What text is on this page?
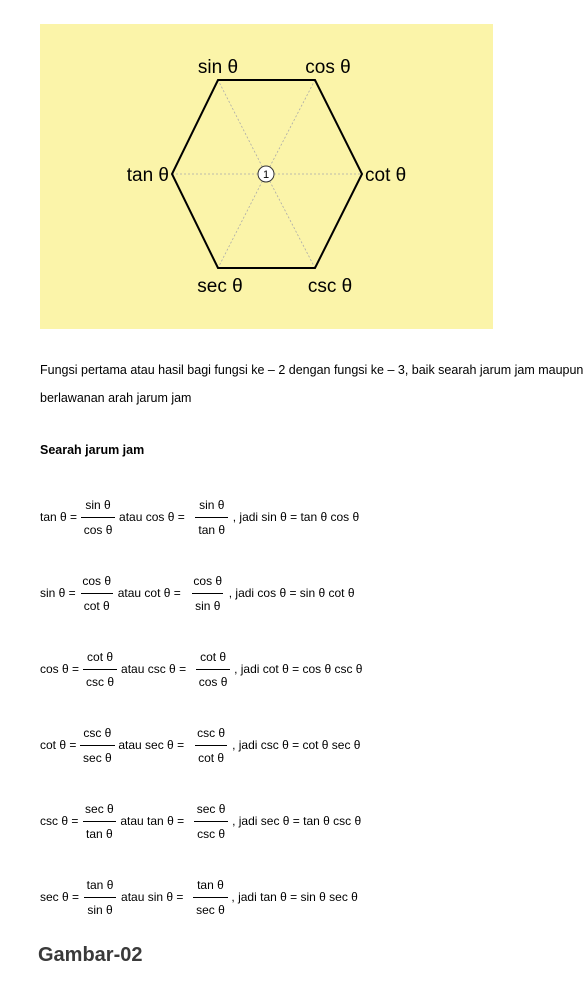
1
sin θ	cos θ
cot θ
csc θ
sec θ
tan θ

Fungsi pertama atau hasil bagi fungsi ke – 2 dengan fungsi ke – 3, baik searah jarum jam maupun berlawanan arah jarum jam

Searah jarum jam

$\tan \theta = \frac{\text{sin θ}}{\text{cos θ}}$ atau $\cos \theta = \frac{\text{sin θ}}{\text{tan θ}}$ , jadi sin θ = tan θ cos θ
$\sin \theta = \frac{\text{cos θ}}{\text{cot θ}}$ atau $\cot \theta = \frac{\text{cos θ}}{\text{sin θ}}$ , jadi cos θ = sin θ cot θ
$\cos \theta = \frac{\text{cot θ}}{\text{csc θ}}$ atau $\csc \theta = \frac{\text{cot θ}}{\text{cos θ}}$ , jadi cot θ = cos θ csc θ
$\cot \theta = \frac{\text{csc θ}}{\text{sec θ}}$ atau $\sec \theta = \frac{\text{csc θ}}{\text{cot θ}}$ , jadi csc θ = cot θ sec θ
$\csc \theta = \frac{\text{sec θ}}{\text{tan θ}}$ atau $\tan \theta = \frac{\text{sec θ}}{\text{csc θ}}$ , jadi sec θ = tan θ csc θ
$\sec \theta = \frac{\text{tan θ}}{\text{sin θ}}$ atau $\sin \theta = \frac{\text{tan θ}}{\text{sec θ}}$ , jadi tan θ = sin θ sec θ

Gambar-02
